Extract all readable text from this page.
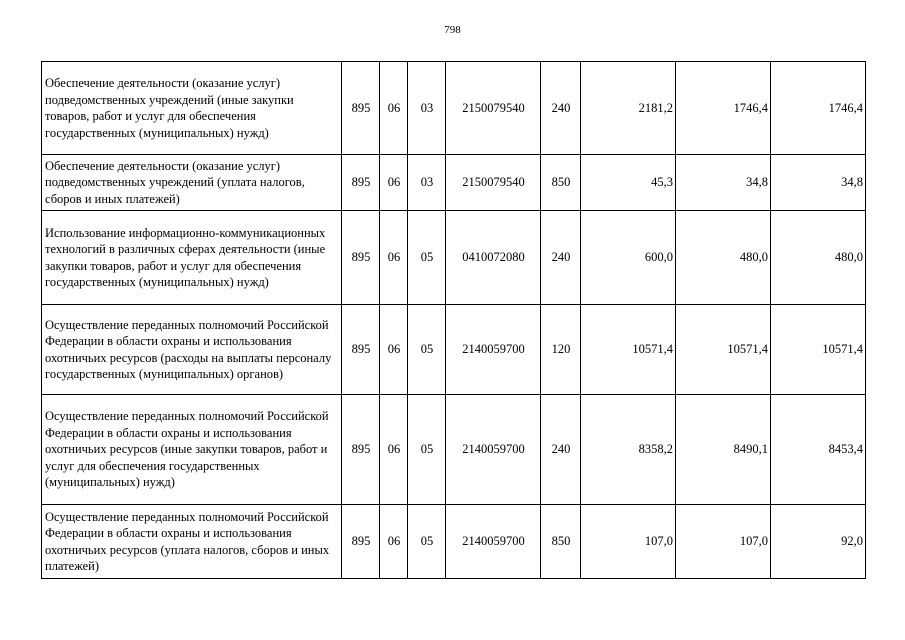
798
Обеспечение деятельности (оказание услуг) подведомственных учреждений (иные закупки товаров, работ и услуг для обеспечения государственных (муниципальных) нужд)	895	06	03	2150079540	240	2181,2	1746,4	1746,4
Обеспечение деятельности (оказание услуг) подведомственных учреждений (уплата налогов, сборов и иных платежей)	895	06	03	2150079540	850	45,3	34,8	34,8
Использование информационно-коммуникационных технологий в различных сферах деятельности (иные закупки товаров, работ и услуг для обеспечения государственных (муниципальных) нужд)	895	06	05	0410072080	240	600,0	480,0	480,0
Осуществление переданных полномочий Российской Федерации в области охраны и использования охотничьих ресурсов (расходы на выплаты персоналу государственных (муниципальных) органов)	895	06	05	2140059700	120	10571,4	10571,4	10571,4
Осуществление переданных полномочий Российской Федерации в области охраны и использования охотничьих ресурсов (иные закупки товаров, работ и услуг для обеспечения государственных (муниципальных) нужд)	895	06	05	2140059700	240	8358,2	8490,1	8453,4
Осуществление переданных полномочий Российской Федерации в области охраны и использования охотничьих ресурсов (уплата налогов, сборов и иных платежей)	895	06	05	2140059700	850	107,0	107,0	92,0
